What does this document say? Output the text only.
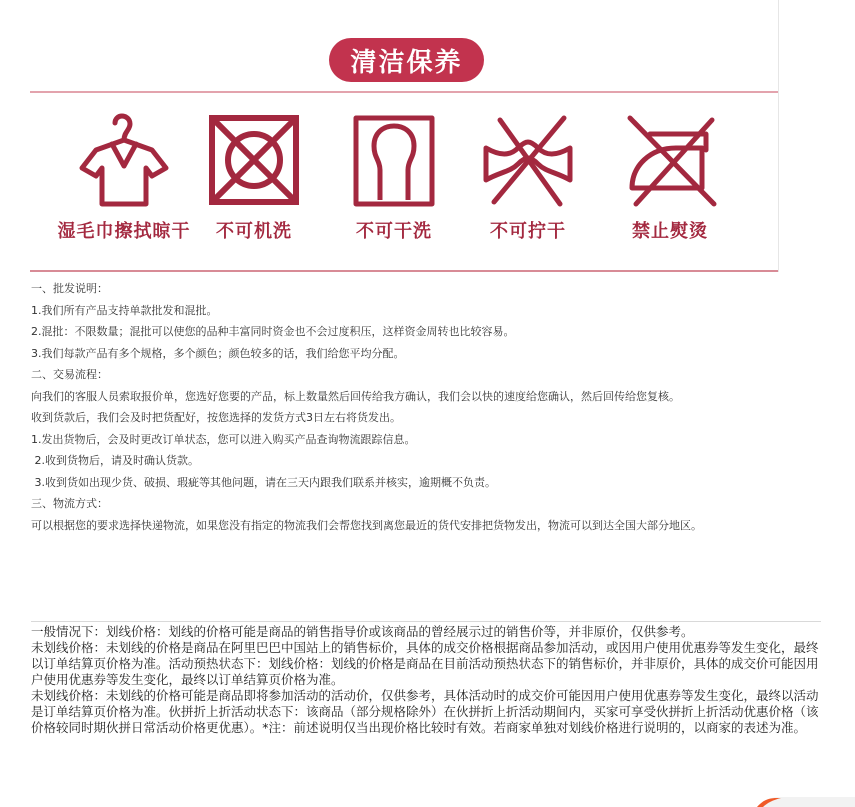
清洁保养
湿毛巾擦拭晾干	不可机洗	不可干洗	不可拧干	禁止熨烫

一、批发说明：

1.我们所有产品支持单款批发和混批。

2.混批：不限数量；混批可以使您的品种丰富同时资金也不会过度积压，这样资金周转也比较容易。

3.我们每款产品有多个规格，多个颜色；颜色较多的话，我们给您平均分配。

二、交易流程：

向我们的客服人员索取报价单，您选好您要的产品，标上数量然后回传给我方确认，我们会以快的速度给您确认，然后回传给您复核。

收到货款后，我们会及时把货配好，按您选择的发货方式3日左右将货发出。

1.发出货物后，会及时更改订单状态，您可以进入购买产品查询物流跟踪信息。

2.收到货物后，请及时确认货款。

3.收到货如出现少货、破损、瑕疵等其他问题，请在三天内跟我们联系并核实，逾期概不负责。

三、物流方式：

可以根据您的要求选择快递物流，如果您没有指定的物流我们会帮您找到离您最近的货代安排把货物发出，物流可以到达全国大部分地区。

一般情况下：划线价格：划线的价格可能是商品的销售指导价或该商品的曾经展示过的销售价等，并非原价，仅供参考。

未划线价格：未划线的价格是商品在阿里巴巴中国站上的销售标价，具体的成交价格根据商品参加活动，或因用户使用优惠券等发生变化，最终以订单结算页价格为准。活动预热状态下：划线价格：划线的价格是商品在目前活动预热状态下的销售标价，并非原价，具体的成交价可能因用户使用优惠券等发生变化，最终以订单结算页价格为准。

未划线价格：未划线的价格可能是商品即将参加活动的活动价，仅供参考，具体活动时的成交价可能因用户使用优惠券等发生变化，最终以活动是订单结算页价格为准。伙拼折上折活动状态下：该商品（部分规格除外）在伙拼折上折活动期间内，买家可享受伙拼折上折活动优惠价格（该价格较同时期伙拼日常活动价格更优惠）。*注：前述说明仅当出现价格比较时有效。若商家单独对划线价格进行说明的，以商家的表述为准。
